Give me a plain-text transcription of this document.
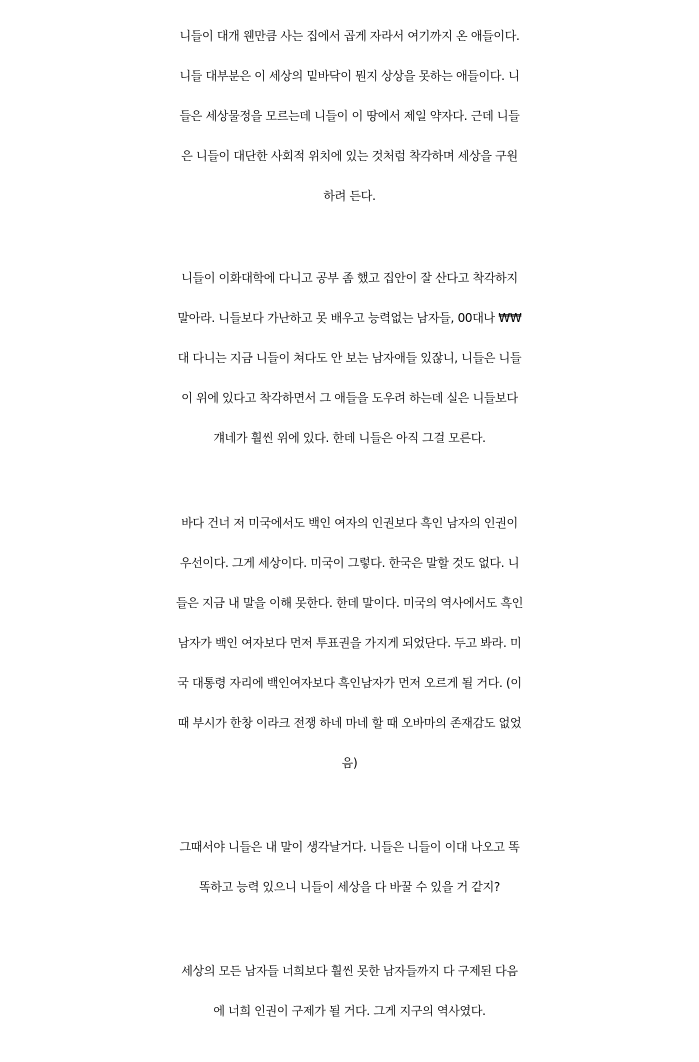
니들이 대개 웬만큼 사는 집에서 곱게 자라서 여기까지 온 애들이다.
니들 대부분은 이 세상의 밑바닥이 뭔지 상상을 못하는 애들이다. 니
들은 세상물정을 모르는데 니들이 이 땅에서 제일 약자다. 근데 니들
은 니들이 대단한 사회적 위치에 있는 것처럼 착각하며 세상을 구원
하려 든다.
니들이 이화대학에 다니고 공부 좀 했고 집안이 잘 산다고 착각하지
말아라. 니들보다 가난하고 못 배우고 능력없는 남자들, 00대나 ₩₩
대 다니는 지금 니들이 쳐다도 안 보는 남자애들 있잖니, 니들은 니들
이 위에 있다고 착각하면서 그 애들을 도우려 하는데 실은 니들보다
걔네가 훨씬 위에 있다. 한데 니들은 아직 그걸 모른다.
바다 건너 저 미국에서도 백인 여자의 인권보다 흑인 남자의 인권이
우선이다. 그게 세상이다. 미국이 그렇다. 한국은 말할 것도 없다. 니
들은 지금 내 말을 이해 못한다. 한데 말이다. 미국의 역사에서도 흑인
남자가 백인 여자보다 먼저 투표권을 가지게 되었단다. 두고 봐라. 미
국 대통령 자리에 백인여자보다 흑인남자가 먼저 오르게 될 거다. (이
때 부시가 한창 이라크 전쟁 하네 마네 할 때 오바마의 존재감도 없었
음)
그때서야 니들은 내 말이 생각날거다. 니들은 니들이 이대 나오고 똑
똑하고 능력 있으니 니들이 세상을 다 바꿀 수 있을 거 같지?
세상의 모든 남자들 너희보다 훨씬 못한 남자들까지 다 구제된 다음
에 너희 인권이 구제가 될 거다. 그게 지구의 역사였다.
